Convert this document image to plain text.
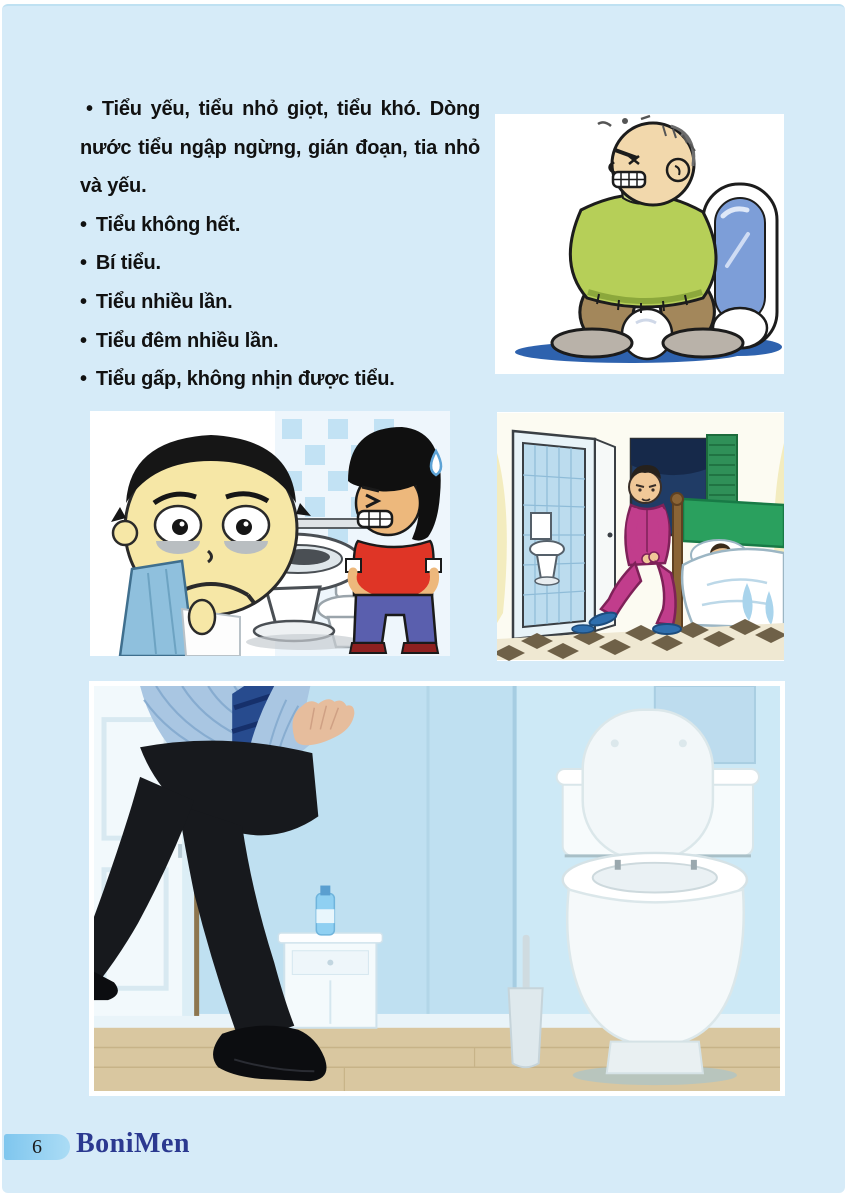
• Tiểu yếu, tiểu nhỏ giọt, tiểu khó. Dòng nước tiểu ngập ngừng, gián đoạn, tia nhỏ và yếu.

• Tiểu không hết.

• Bí tiểu.

• Tiểu nhiều lần.

• Tiểu đêm nhiều lần.

• Tiểu gấp, không nhịn được tiểu.

6	BoniMen
